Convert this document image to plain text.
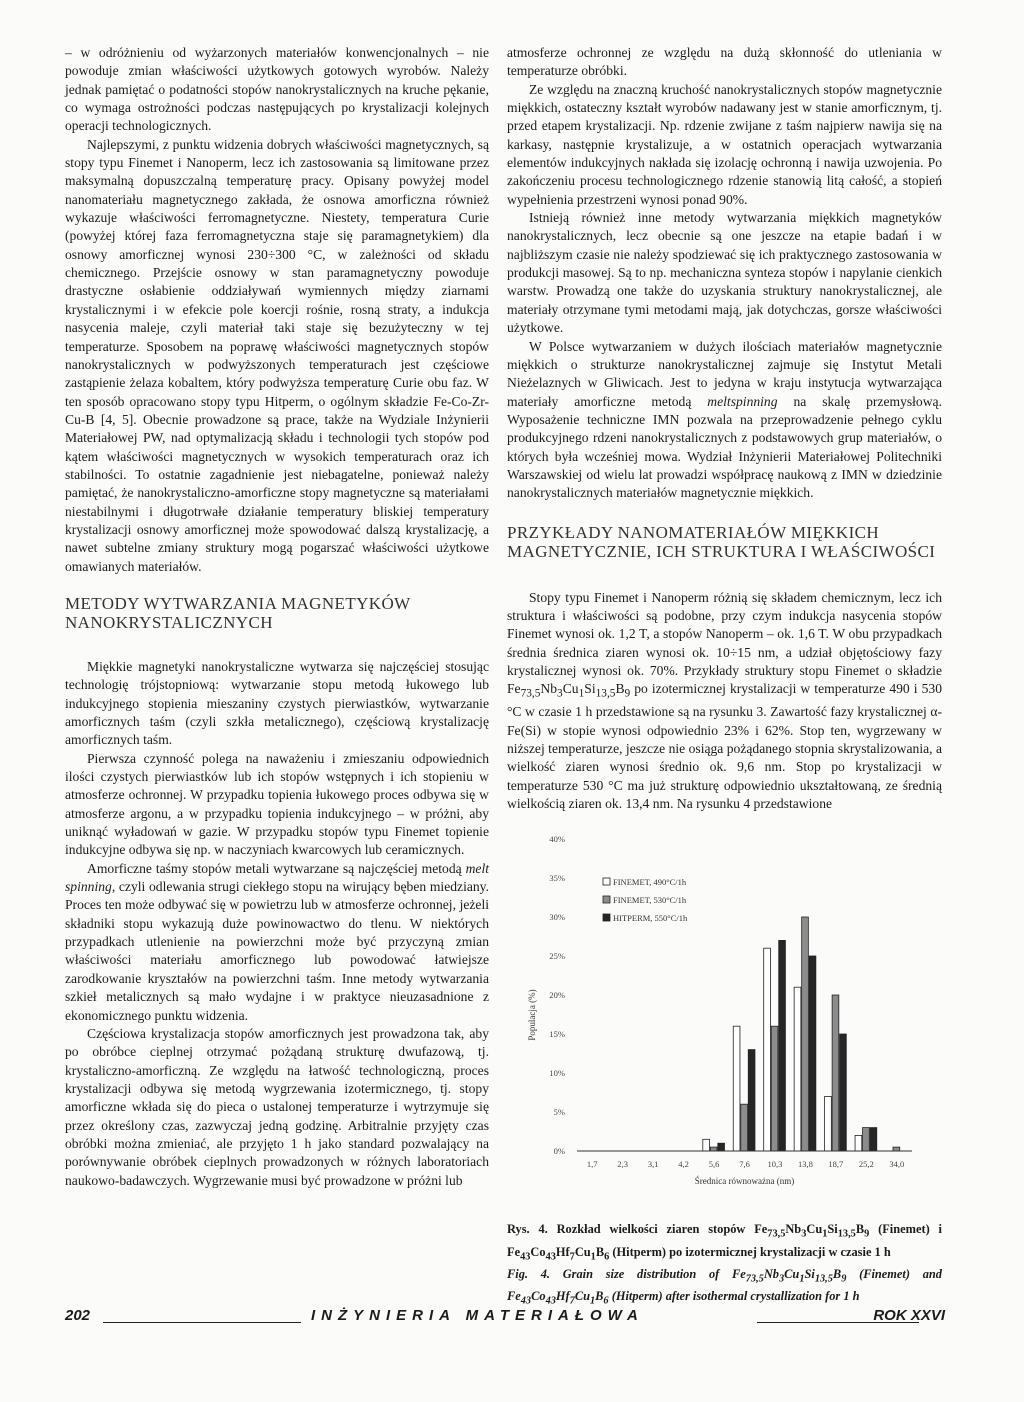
– w odróżnieniu od wyżarzonych materiałów konwencjonalnych – nie powoduje zmian właściwości użytkowych gotowych wyrobów. Należy jednak pamiętać o podatności stopów nanokrystalicznych na kruche pękanie, co wymaga ostrożności podczas następujących po krystalizacji kolejnych operacji technologicznych.

Najlepszymi, z punktu widzenia dobrych właściwości magnetycznych, są stopy typu Finemet i Nanoperm, lecz ich zastosowania są limitowane przez maksymalną dopuszczalną temperaturę pracy. Opisany powyżej model nanomateriału magnetycznego zakłada, że osnowa amorficzna również wykazuje właściwości ferromagnetyczne. Niestety, temperatura Curie (powyżej której faza ferromagnetyczna staje się paramagnetykiem) dla osnowy amorficznej wynosi 230÷300 °C, w zależności od składu chemicznego. Przejście osnowy w stan paramagnetyczny powoduje drastyczne osłabienie oddziaływań wymiennych między ziarnami krystalicznymi i w efekcie pole koercji rośnie, rosną straty, a indukcja nasycenia maleje, czyli materiał taki staje się bezużyteczny w tej temperaturze. Sposobem na poprawę właściwości magnetycznych stopów nanokrystalicznych w podwyższonych temperaturach jest częściowe zastąpienie żelaza kobaltem, który podwyższa temperaturę Curie obu faz. W ten sposób opracowano stopy typu Hitperm, o ogólnym składzie Fe-Co-Zr-Cu-B [4, 5]. Obecnie prowadzone są prace, także na Wydziale Inżynierii Materiałowej PW, nad optymalizacją składu i technologii tych stopów pod kątem właściwości magnetycznych w wysokich temperaturach oraz ich stabilności. To ostatnie zagadnienie jest niebagatelne, ponieważ należy pamiętać, że nanokrystaliczno-amorficzne stopy magnetyczne są materiałami niestabilnymi i długotrwałe działanie temperatury bliskiej temperatury krystalizacji osnowy amorficznej może spowodować dalszą krystalizację, a nawet subtelne zmiany struktury mogą pogarszać właściwości użytkowe omawianych materiałów.

METODY WYTWARZANIA MAGNETYKÓW NANOKRYSTALICZNYCH

Miękkie magnetyki nanokrystaliczne wytwarza się najczęściej stosując technologię trójstopniową: wytwarzanie stopu metodą łukowego lub indukcyjnego stopienia mieszaniny czystych pierwiastków, wytwarzanie amorficznych taśm (czyli szkła metalicznego), częściową krystalizację amorficznych taśm.

Pierwsza czynność polega na naważeniu i zmieszaniu odpowiednich ilości czystych pierwiastków lub ich stopów wstępnych i ich stopieniu w atmosferze ochronnej. W przypadku topienia łukowego proces odbywa się w atmosferze argonu, a w przypadku topienia indukcyjnego – w próżni, aby uniknąć wyładowań w gazie. W przypadku stopów typu Finemet topienie indukcyjne odbywa się np. w naczyniach kwarcowych lub ceramicznych.

Amorficzne taśmy stopów metali wytwarzane są najczęściej metodą melt spinning, czyli odlewania strugi ciekłego stopu na wirujący bęben miedziany. Proces ten może odbywać się w powietrzu lub w atmosferze ochronnej, jeżeli składniki stopu wykazują duże powinowactwo do tlenu. W niektórych przypadkach utlenienie na powierzchni może być przyczyną zmian właściwości materiału amorficznego lub powodować łatwiejsze zarodkowanie kryształów na powierzchni taśm. Inne metody wytwarzania szkieł metalicznych są mało wydajne i w praktyce nieuzasadnione z ekonomicznego punktu widzenia.

Częściowa krystalizacja stopów amorficznych jest prowadzona tak, aby po obróbce cieplnej otrzymać pożądaną strukturę dwufazową, tj. krystaliczno-amorficzną. Ze względu na łatwość technologiczną, proces krystalizacji odbywa się metodą wygrzewania izotermicznego, tj. stopy amorficzne wkłada się do pieca o ustalonej temperaturze i wytrzymuje się przez określony czas, zazwyczaj jedną godzinę. Arbitralnie przyjęty czas obróbki można zmieniać, ale przyjęto 1 h jako standard pozwalający na porównywanie obróbek cieplnych prowadzonych w różnych laboratoriach naukowo-badawczych. Wygrzewanie musi być prowadzone w próżni lub

atmosferze ochronnej ze względu na dużą skłonność do utleniania w temperaturze obróbki.

Ze względu na znaczną kruchość nanokrystalicznych stopów magnetycznie miękkich, ostateczny kształt wyrobów nadawany jest w stanie amorficznym, tj. przed etapem krystalizacji. Np. rdzenie zwijane z taśm najpierw nawija się na karkasy, następnie krystalizuje, a w ostatnich operacjach wytwarzania elementów indukcyjnych nakłada się izolację ochronną i nawija uzwojenia. Po zakończeniu procesu technologicznego rdzenie stanowią litą całość, a stopień wypełnienia przestrzeni wynosi ponad 90%.

Istnieją również inne metody wytwarzania miękkich magnetyków nanokrystalicznych, lecz obecnie są one jeszcze na etapie badań i w najbliższym czasie nie należy spodziewać się ich praktycznego zastosowania w produkcji masowej. Są to np. mechaniczna synteza stopów i napylanie cienkich warstw. Prowadzą one także do uzyskania struktury nanokrystalicznej, ale materiały otrzymane tymi metodami mają, jak dotychczas, gorsze właściwości użytkowe.

W Polsce wytwarzaniem w dużych ilościach materiałów magnetycznie miękkich o strukturze nanokrystalicznej zajmuje się Instytut Metali Nieżelaznych w Gliwicach. Jest to jedyna w kraju instytucja wytwarzająca materiały amorficzne metodą meltspinning na skalę przemysłową. Wyposażenie techniczne IMN pozwala na przeprowadzenie pełnego cyklu produkcyjnego rdzeni nanokrystalicznych z podstawowych grup materiałów, o których była wcześniej mowa. Wydział Inżynierii Materiałowej Politechniki Warszawskiej od wielu lat prowadzi współpracę naukową z IMN w dziedzinie nanokrystalicznych materiałów magnetycznie miękkich.

PRZYKŁADY NANOMATERIAŁÓW MIĘKKICH MAGNETYCZNIE, ICH STRUKTURA I WŁAŚCIWOŚCI

Stopy typu Finemet i Nanoperm różnią się składem chemicznym, lecz ich struktura i właściwości są podobne, przy czym indukcja nasycenia stopów Finemet wynosi ok. 1,2 T, a stopów Nanoperm – ok. 1,6 T. W obu przypadkach średnia średnica ziaren wynosi ok. 10÷15 nm, a udział objętościowy fazy krystalicznej wynosi ok. 70%. Przykłady struktury stopu Finemet o składzie $Fe_{73,5}Nb_3Cu_1Si_{13,5}B_9$ po izotermicznej krystalizacji w temperaturze 490 i 530 °C w czasie 1 h przedstawione są na rysunku 3. Zawartość fazy krystalicznej α-Fe(Si) w stopie wynosi odpowiednio 23% i 62%. Stop ten, wygrzewany w niższej temperaturze, jeszcze nie osiąga pożądanego stopnia skrystalizowania, a wielkość ziaren wynosi średnio ok. 9,6 nm. Stop po krystalizacji w temperaturze 530 °C ma już strukturę odpowiednio ukształtowaną, ze średnią wielkością ziaren ok. 13,4 nm. Na rysunku 4 przedstawione

0%
5%
10%
15%
20%
25%
30%
35%
40%
1,7 2,3 3,1 4,2 5,6 7,6 10,3 13,8 18,7 25,2 34,0
Średnica równoważna (nm)
Populacja (%)
FINEMET, 490°C/1h
FINEMET, 530°C/1h
HITPERM, 550°C/1h
Rys. 4. Rozkład wielkości ziaren stopów $Fe_{73,5}Nb_3Cu_1Si_{13,5}B_9$ (Finemet) i $Fe_{43}Co_{43}Hf_7Cu_1B_6$ (Hitperm) po izotermicznej krystalizacji w czasie 1 h
Fig. 4. Grain size distribution of $Fe_{73,5}Nb_3Cu_1Si_{13,5}B_9$ (Finemet) and $Fe_{43}Co_{43}Hf_7Cu_1B_6$ (Hitperm) after isothermal crystallization for 1 h
202	INŻYNIERIA MATERIAŁOWA	ROK XXVI
